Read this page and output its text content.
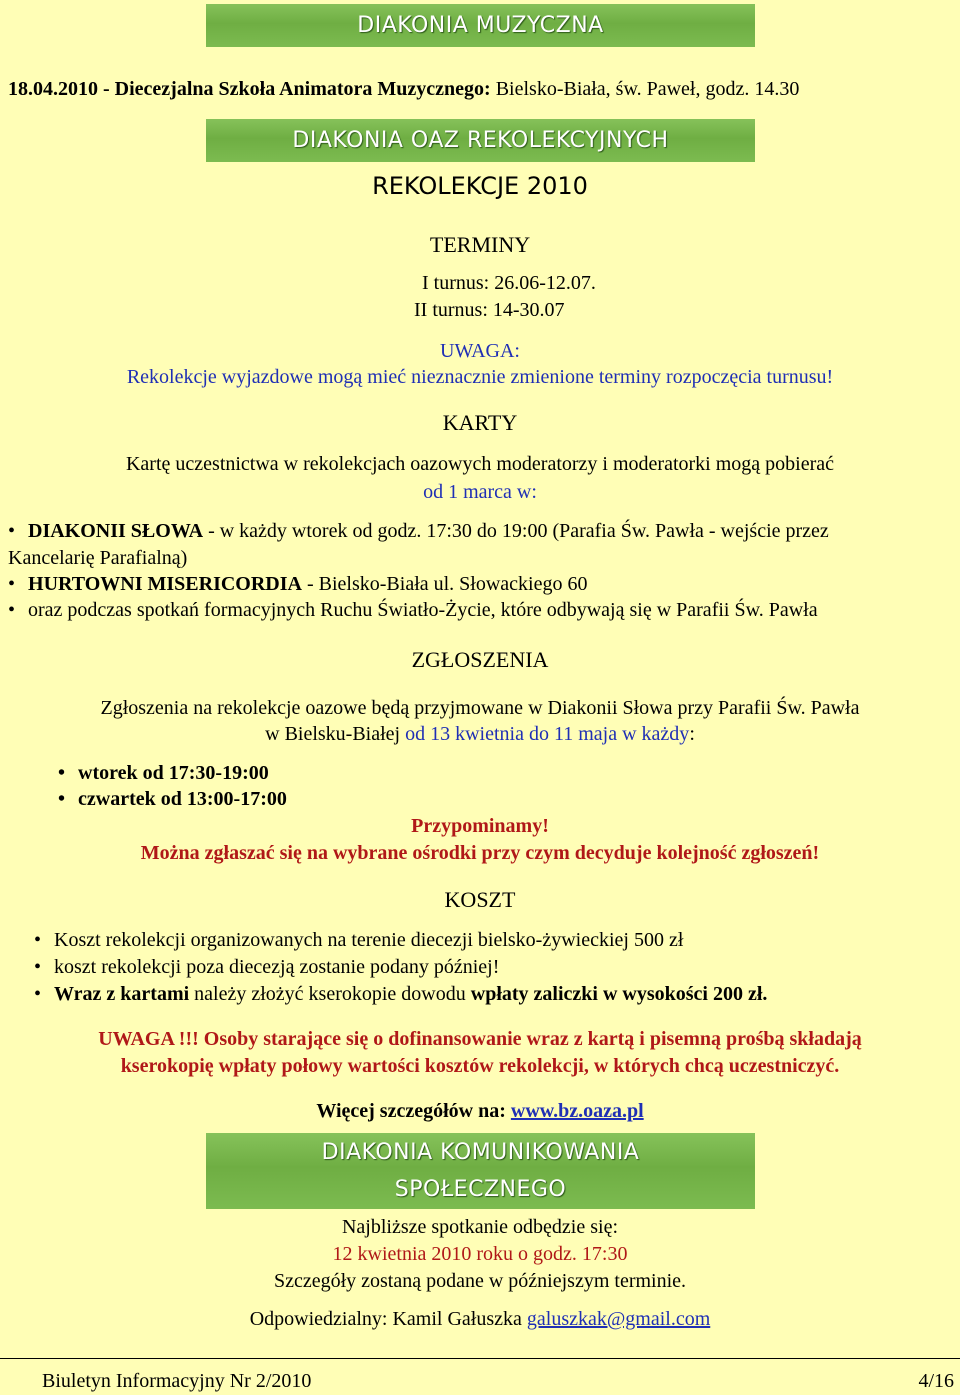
DIAKONIA MUZYCZNA
18.04.2010 - Diecezjalna Szkoła Animatora Muzycznego: Bielsko-Biała, św. Paweł, godz. 14.30
DIAKONIA OAZ REKOLEKCYJNYCH
REKOLEKCJE 2010
TERMINY
I turnus: 26.06-12.07.
II turnus: 14-30.07
UWAGA:
Rekolekcje wyjazdowe mogą mieć nieznacznie zmienione terminy rozpoczęcia turnusu!
KARTY
Kartę uczestnictwa w rekolekcjach oazowych moderatorzy i moderatorki mogą pobierać
od 1 marca w:
• DIAKONII SŁOWA - w każdy wtorek od godz. 17:30 do 19:00 (Parafia Św. Pawła - wejście przez
Kancelarię Parafialną)
• HURTOWNI MISERICORDIA - Bielsko-Biała ul. Słowackiego 60
• oraz podczas spotkań formacyjnych Ruchu Światło-Życie, które odbywają się w Parafii Św. Pawła
ZGŁOSZENIA
Zgłoszenia na rekolekcje oazowe będą przyjmowane w Diakonii Słowa przy Parafii Św. Pawła
w Bielsku-Białej od 13 kwietnia do 11 maja w każdy:
• wtorek od 17:30-19:00
• czwartek od 13:00-17:00
Przypominamy!
Można zgłaszać się na wybrane ośrodki przy czym decyduje kolejność zgłoszeń!
KOSZT
• Koszt rekolekcji organizowanych na terenie diecezji bielsko-żywieckiej 500 zł
• koszt rekolekcji poza diecezją zostanie podany później!
• Wraz z kartami należy złożyć kserokopie dowodu wpłaty zaliczki w wysokości 200 zł.
UWAGA !!! Osoby starające się o dofinansowanie wraz z kartą i pisemną prośbą składają
kserokopię wpłaty połowy wartości kosztów rekolekcji, w których chcą uczestniczyć.
Więcej szczegółów na: www.bz.oaza.pl
DIAKONIA KOMUNIKOWANIA
SPOŁECZNEGO
Najbliższe spotkanie odbędzie się:
12 kwietnia 2010 roku o godz. 17:30
Szczegóły zostaną podane w późniejszym terminie.
Odpowiedzialny: Kamil Gałuszka galuszkak@gmail.com
Biuletyn Informacyjny Nr 2/2010	4/16
